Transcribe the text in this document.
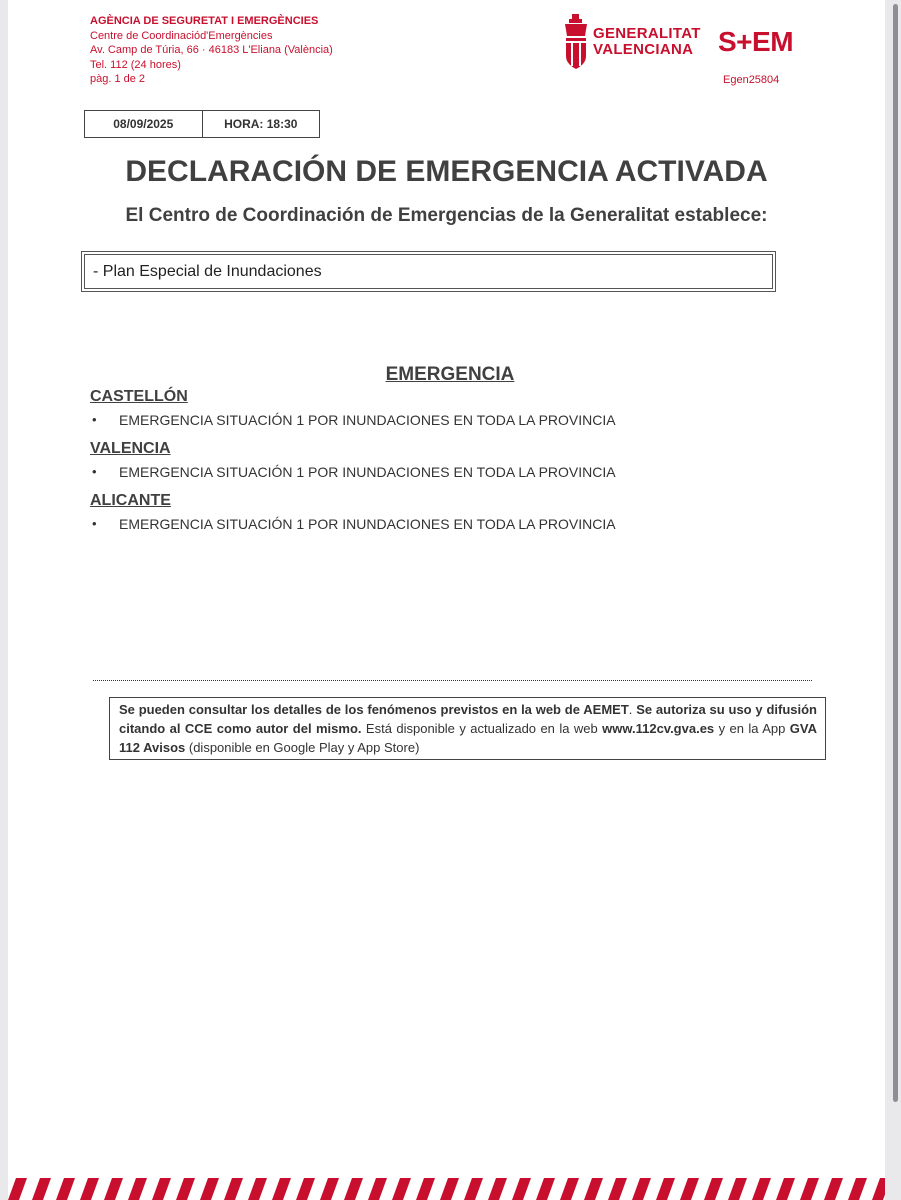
AGÈNCIA DE SEGURETAT I EMERGÈNCIES
Centre de Coordinaciód'Emergències
Av. Camp de Túria, 66 · 46183 L'Eliana (València)
Tel. 112 (24 hores)
pàg. 1 de 2
GENERALITAT
VALENCIANA S+EM
Egen25804
08/09/2025	HORA: 18:30
DECLARACIÓN DE EMERGENCIA ACTIVADA
El Centro de Coordinación de Emergencias de la Generalitat establece:
- Plan Especial de Inundaciones
EMERGENCIA
CASTELLÓN
•	EMERGENCIA SITUACIÓN 1 POR INUNDACIONES EN TODA LA PROVINCIA
VALENCIA
•	EMERGENCIA SITUACIÓN 1 POR INUNDACIONES EN TODA LA PROVINCIA
ALICANTE
•	EMERGENCIA SITUACIÓN 1 POR INUNDACIONES EN TODA LA PROVINCIA
Se pueden consultar los detalles de los fenómenos previstos en la web de AEMET. Se autoriza su uso y difusión citando al CCE como autor del mismo. Está disponible y actualizado en la web www.112cv.gva.es y en la App GVA 112 Avisos (disponible en Google Play y App Store)
